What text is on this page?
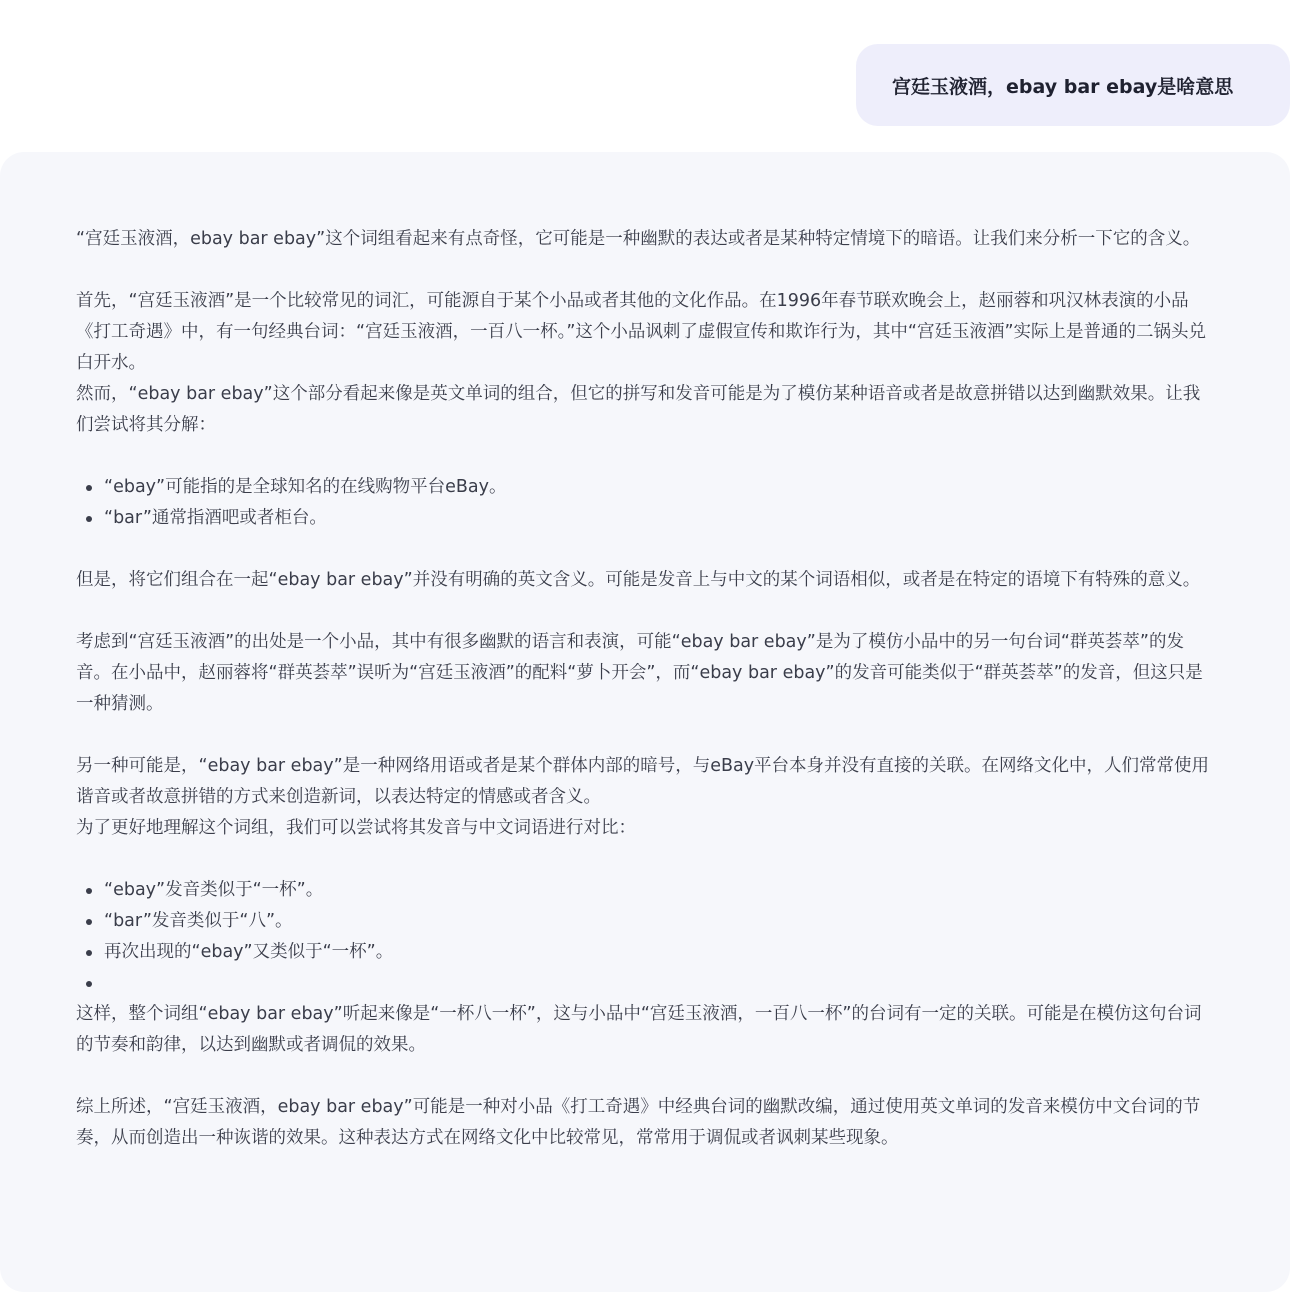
宫廷玉液酒，ebay bar ebay是啥意思

“宫廷玉液酒，ebay bar ebay”这个词组看起来有点奇怪，它可能是一种幽默的表达或者是某种特定情境下的暗语。让我们来分析一下它的含义。

首先，“宫廷玉液酒”是一个比较常见的词汇，可能源自于某个小品或者其他的文化作品。在1996年春节联欢晚会上，赵丽蓉和巩汉林表演的小品《打工奇遇》中，有一句经典台词：“宫廷玉液酒，一百八一杯。”这个小品讽刺了虚假宣传和欺诈行为，其中“宫廷玉液酒”实际上是普通的二锅头兑白开水。

然而，“ebay bar ebay”这个部分看起来像是英文单词的组合，但它的拼写和发音可能是为了模仿某种语音或者是故意拼错以达到幽默效果。让我们尝试将其分解：

“ebay”可能指的是全球知名的在线购物平台eBay。
“bar”通常指酒吧或者柜台。

但是，将它们组合在一起“ebay bar ebay”并没有明确的英文含义。可能是发音上与中文的某个词语相似，或者是在特定的语境下有特殊的意义。

考虑到“宫廷玉液酒”的出处是一个小品，其中有很多幽默的语言和表演，可能“ebay bar ebay”是为了模仿小品中的另一句台词“群英荟萃”的发音。在小品中，赵丽蓉将“群英荟萃”误听为“宫廷玉液酒”的配料“萝卜开会”，而“ebay bar ebay”的发音可能类似于“群英荟萃”的发音，但这只是一种猜测。

另一种可能是，“ebay bar ebay”是一种网络用语或者是某个群体内部的暗号，与eBay平台本身并没有直接的关联。在网络文化中，人们常常使用谐音或者故意拼错的方式来创造新词，以表达特定的情感或者含义。

为了更好地理解这个词组，我们可以尝试将其发音与中文词语进行对比：

“ebay”发音类似于“一杯”。
“bar”发音类似于“八”。
再次出现的“ebay”又类似于“一杯”。

这样，整个词组“ebay bar ebay”听起来像是“一杯八一杯”，这与小品中“宫廷玉液酒，一百八一杯”的台词有一定的关联。可能是在模仿这句台词的节奏和韵律，以达到幽默或者调侃的效果。

综上所述，“宫廷玉液酒，ebay bar ebay”可能是一种对小品《打工奇遇》中经典台词的幽默改编，通过使用英文单词的发音来模仿中文台词的节奏，从而创造出一种诙谐的效果。这种表达方式在网络文化中比较常见，常常用于调侃或者讽刺某些现象。
